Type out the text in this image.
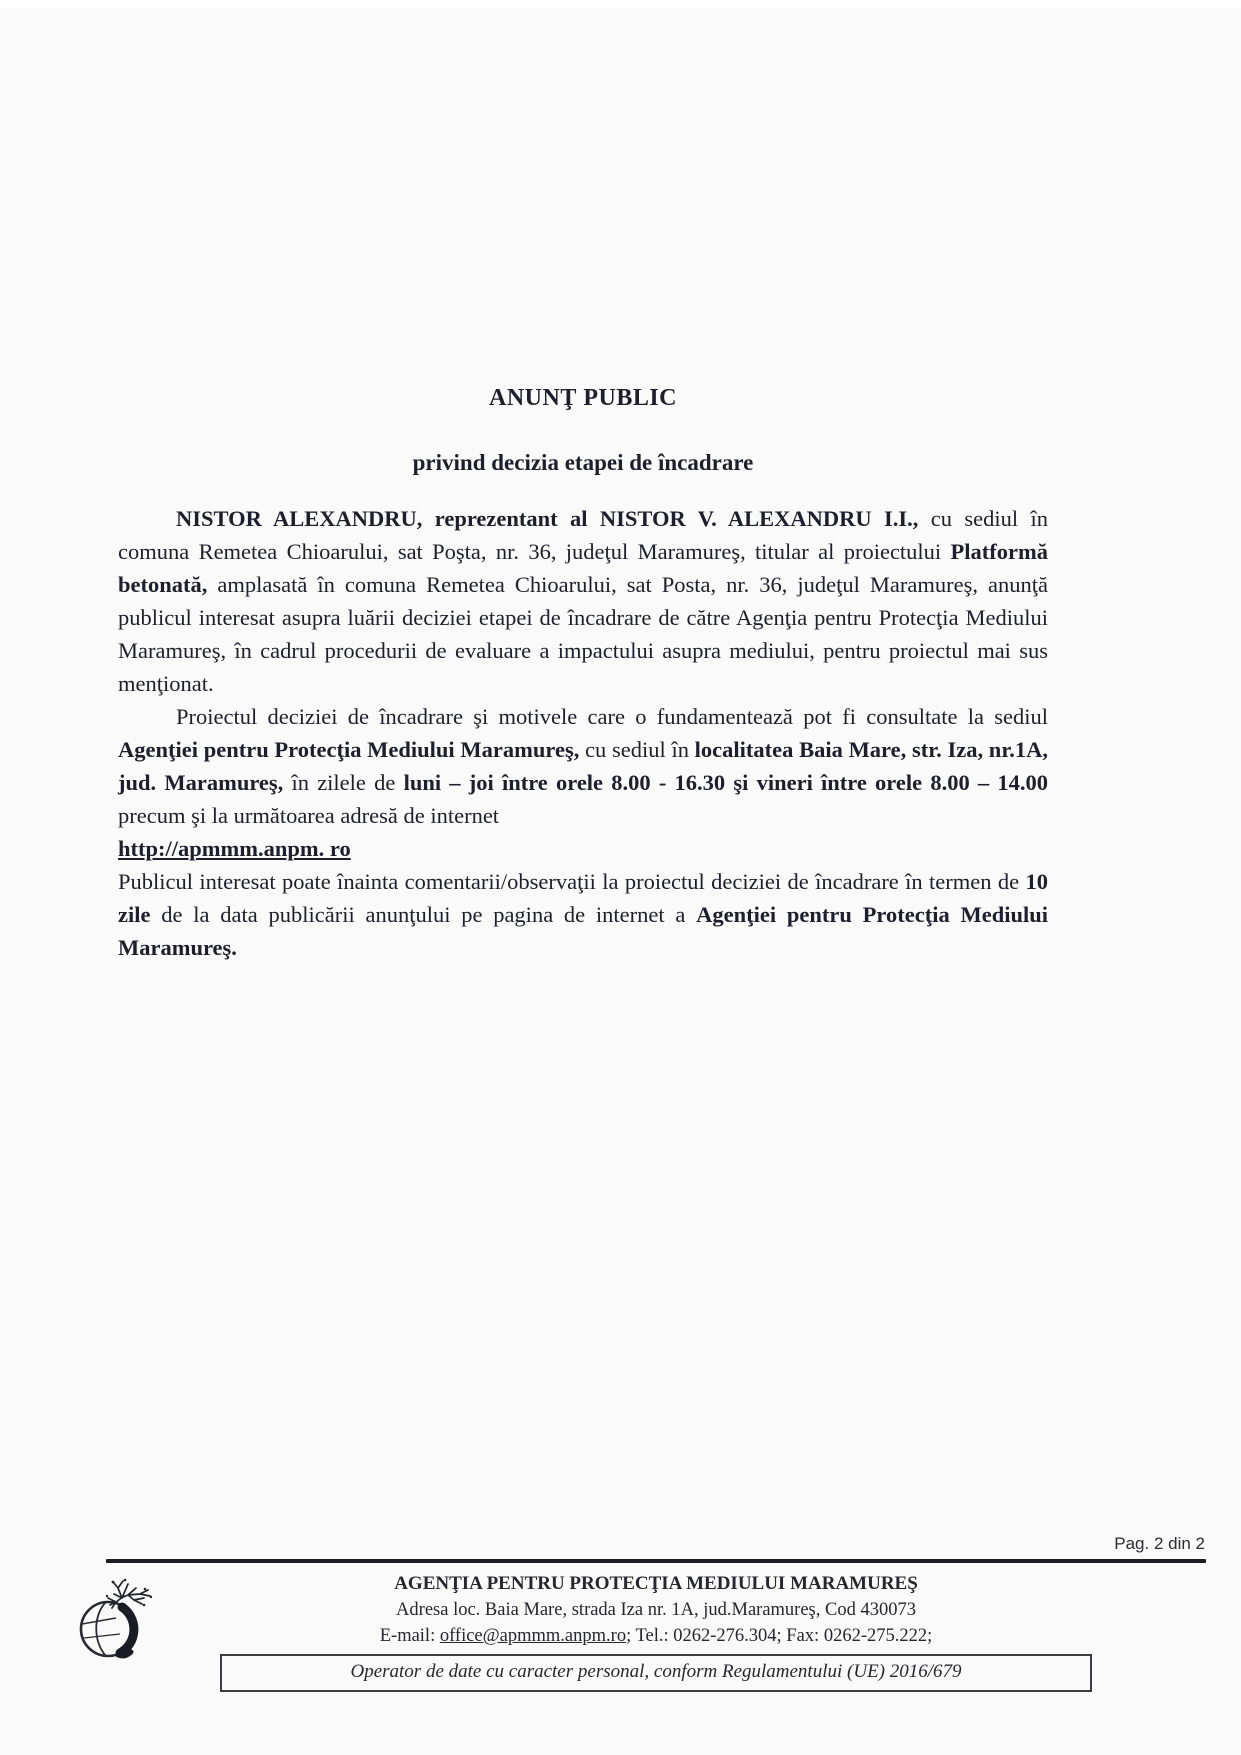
ANUNŢ PUBLIC
privind decizia etapei de încadrare

NISTOR ALEXANDRU, reprezentant al NISTOR V. ALEXANDRU I.I., cu sediul în comuna Remetea Chioarului, sat Poşta, nr. 36, judeţul Maramureş, titular al proiectului Platformă betonată, amplasată în comuna Remetea Chioarului, sat Posta, nr. 36, judeţul Maramureş, anunţă publicul interesat asupra luării deciziei etapei de încadrare de către Agenţia pentru Protecţia Mediului Maramureş, în cadrul procedurii de evaluare a impactului asupra mediului, pentru proiectul mai sus menţionat.

Proiectul deciziei de încadrare şi motivele care o fundamentează pot fi consultate la sediul Agenţiei pentru Protecţia Mediului Maramureş, cu sediul în localitatea Baia Mare, str. Iza, nr.1A, jud. Maramureş, în zilele de luni – joi între orele 8.00 - 16.30 şi vineri între orele 8.00 – 14.00 precum şi la următoarea adresă de internet

http://apmmm.anpm. ro

Publicul interesat poate înainta comentarii/observaţii la proiectul deciziei de încadrare în termen de 10 zile de la data publicării anunţului pe pagina de internet a Agenţiei pentru Protecţia Mediului Maramureş.

Pag. 2 din 2
AGENŢIA PENTRU PROTECŢIA MEDIULUI MARAMUREŞ
Adresa loc. Baia Mare, strada Iza nr. 1A, jud.Maramureş, Cod 430073
E-mail: office@apmmm.anpm.ro; Tel.: 0262-276.304; Fax: 0262-275.222;
Operator de date cu caracter personal, conform Regulamentului (UE) 2016/679
